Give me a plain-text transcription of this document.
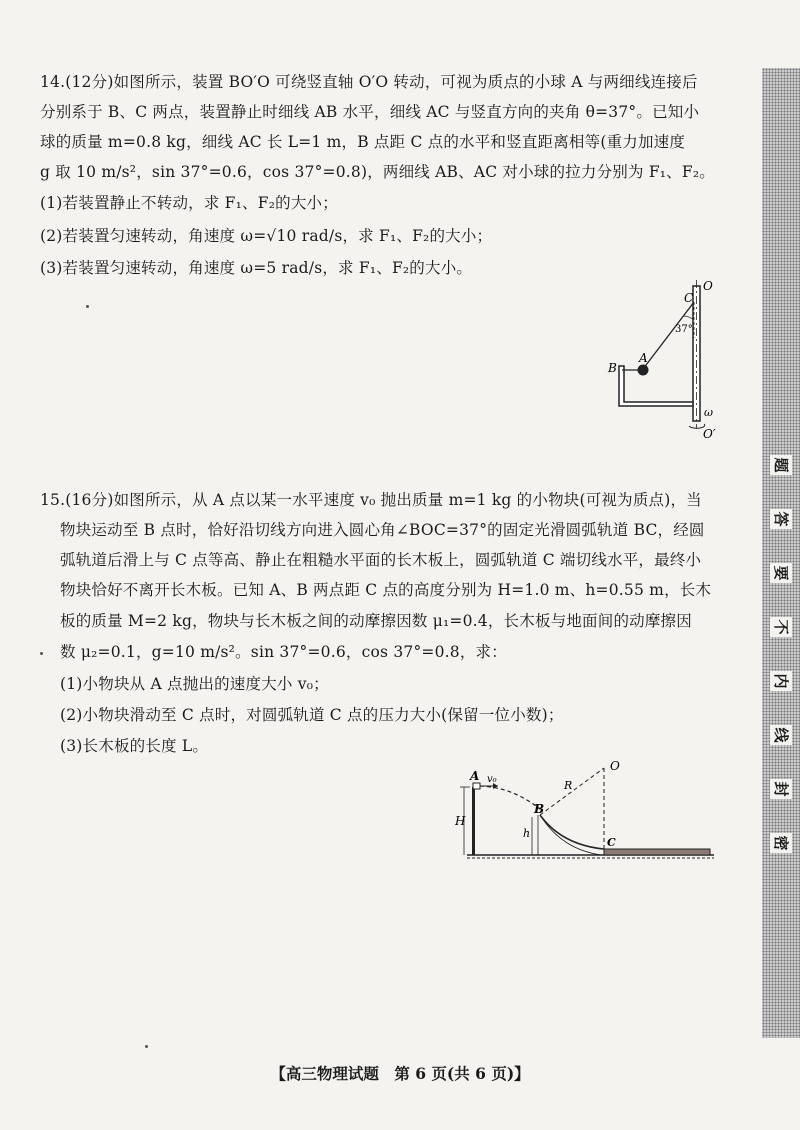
14.(12分)如图所示，装置 BO′O 可绕竖直轴 O′O 转动，可视为质点的小球 A 与两细线连接后
分别系于 B、C 两点，装置静止时细线 AB 水平，细线 AC 与竖直方向的夹角 θ=37°。已知小
球的质量 m=0.8 kg，细线 AC 长 L=1 m，B 点距 C 点的水平和竖直距离相等(重力加速度
g 取 10 m/s²，sin 37°=0.6，cos 37°=0.8)，两细线 AB、AC 对小球的拉力分别为 F₁、F₂。
(1)若装置静止不转动，求 F₁、F₂的大小；
(2)若装置匀速转动，角速度 ω=√10 rad/s，求 F₁、F₂的大小；
(3)若装置匀速转动，角速度 ω=5 rad/s，求 F₁、F₂的大小。
O
C
37°
B
A
ω
O′
15.(16分)如图所示，从 A 点以某一水平速度 v₀ 抛出质量 m=1 kg 的小物块(可视为质点)，当
物块运动至 B 点时，恰好沿切线方向进入圆心角∠BOC=37°的固定光滑圆弧轨道 BC，经圆
弧轨道后滑上与 C 点等高、静止在粗糙水平面的长木板上，圆弧轨道 C 端切线水平，最终小
物块恰好不离开长木板。已知 A、B 两点距 C 点的高度分别为 H=1.0 m、h=0.55 m，长木
板的质量 M=2 kg，物块与长木板之间的动摩擦因数 μ₁=0.4，长木板与地面间的动摩擦因
数 μ₂=0.1，g=10 m/s²。sin 37°=0.6，cos 37°=0.8，求：
(1)小物块从 A 点抛出的速度大小 v₀；
(2)小物块滑动至 C 点时，对圆弧轨道 C 点的压力大小(保留一位小数)；
(3)长木板的长度 L。
A v₀
H
O
R
B
h
C	密
封
线
内
不
要
答
题
【高三物理试题　第 6 页(共 6 页)】
